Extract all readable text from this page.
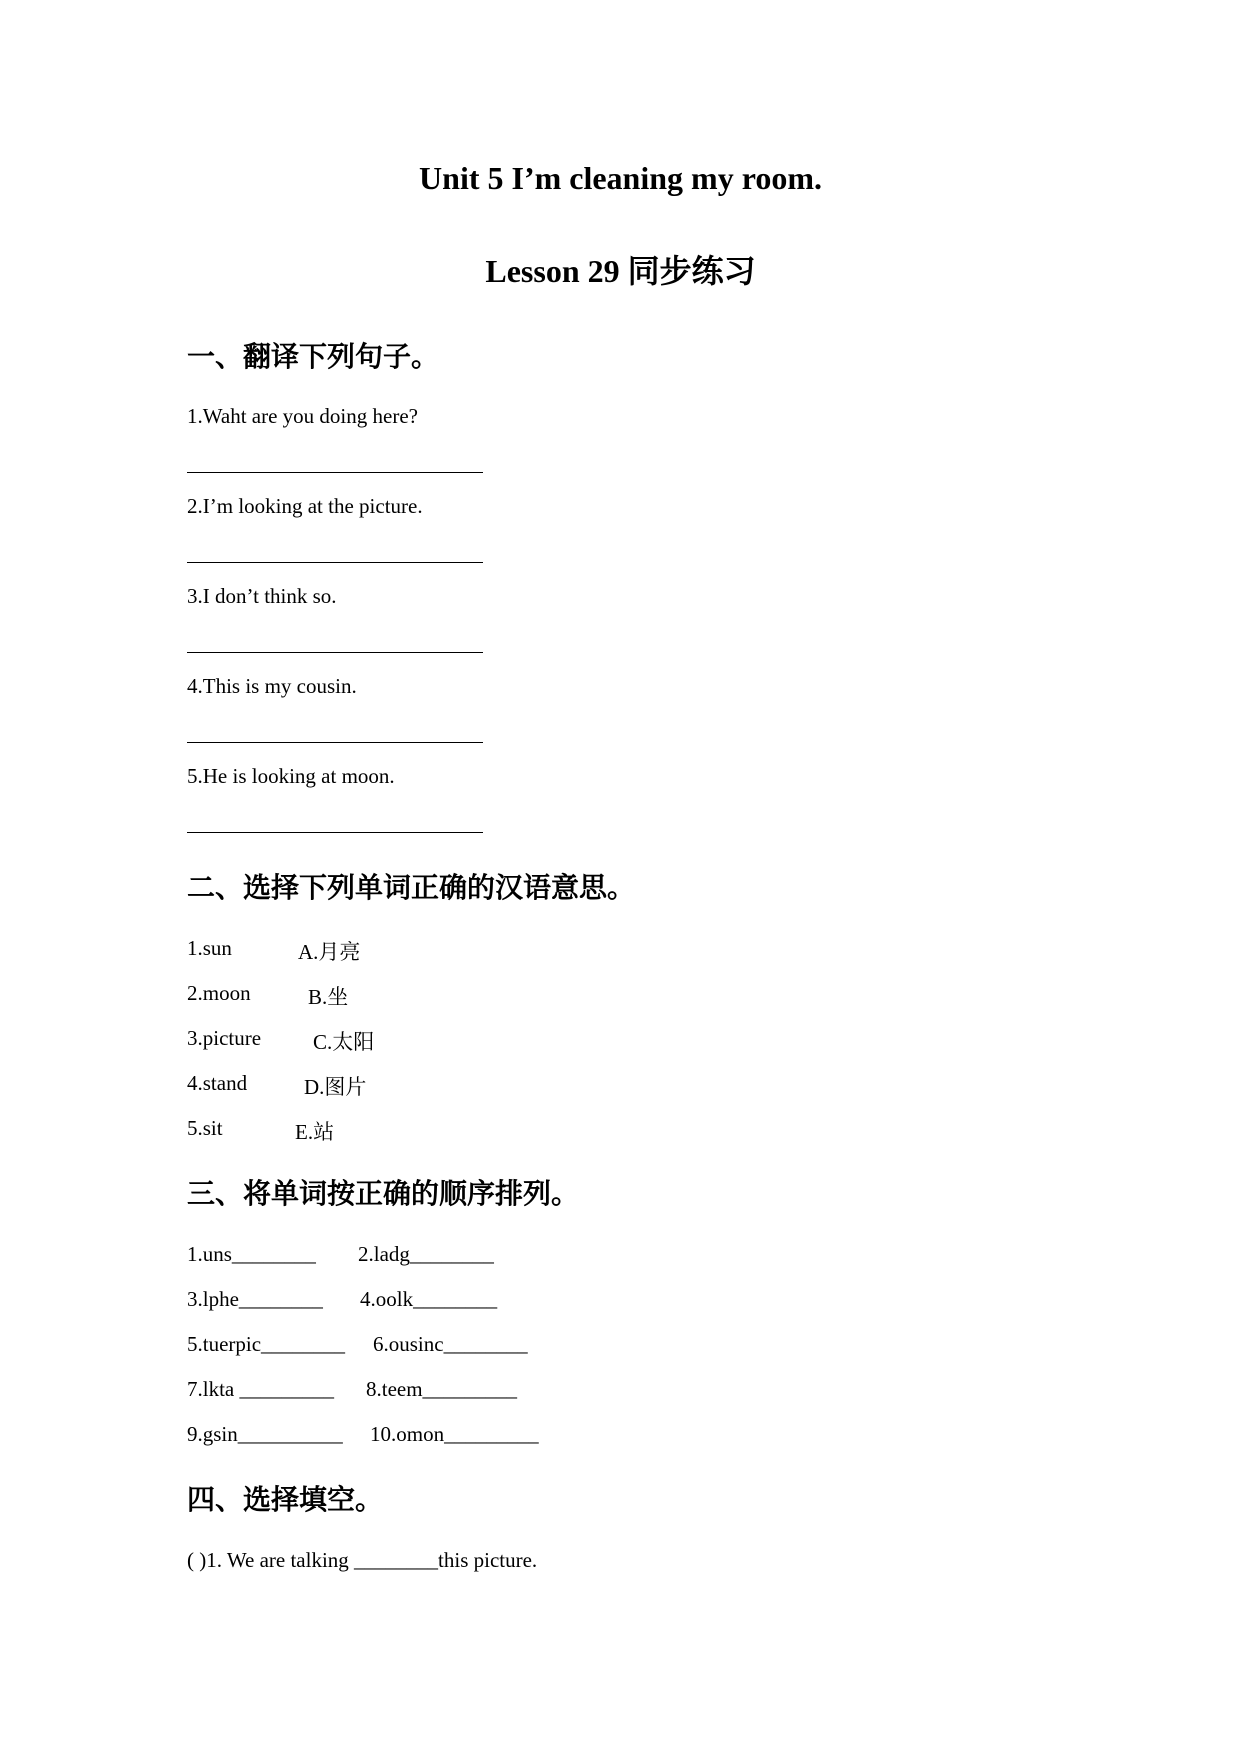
Unit 5 I’m cleaning my room.
Lesson 29 同步练习
一、翻译下列句子。
1.Waht are you doing here?
2.I’m looking at the picture.
3.I don’t think so.
4.This is my cousin.
5.He is looking at moon.
二、选择下列单词正确的汉语意思。
1.sun	A.月亮
2.moon	B.坐
3.picture C.太阳
4.stand	D.图片
5.sit	E.站
三、将单词按正确的顺序排列。
1.uns________ 2.ladg________
3.lphe________ 4.oolk________
5.tuerpic________ 6.ousinc________
7.lkta _________ 8.teem_________
9.gsin__________ 10.omon_________
四、选择填空。
( )1. We are talking ________this picture.
